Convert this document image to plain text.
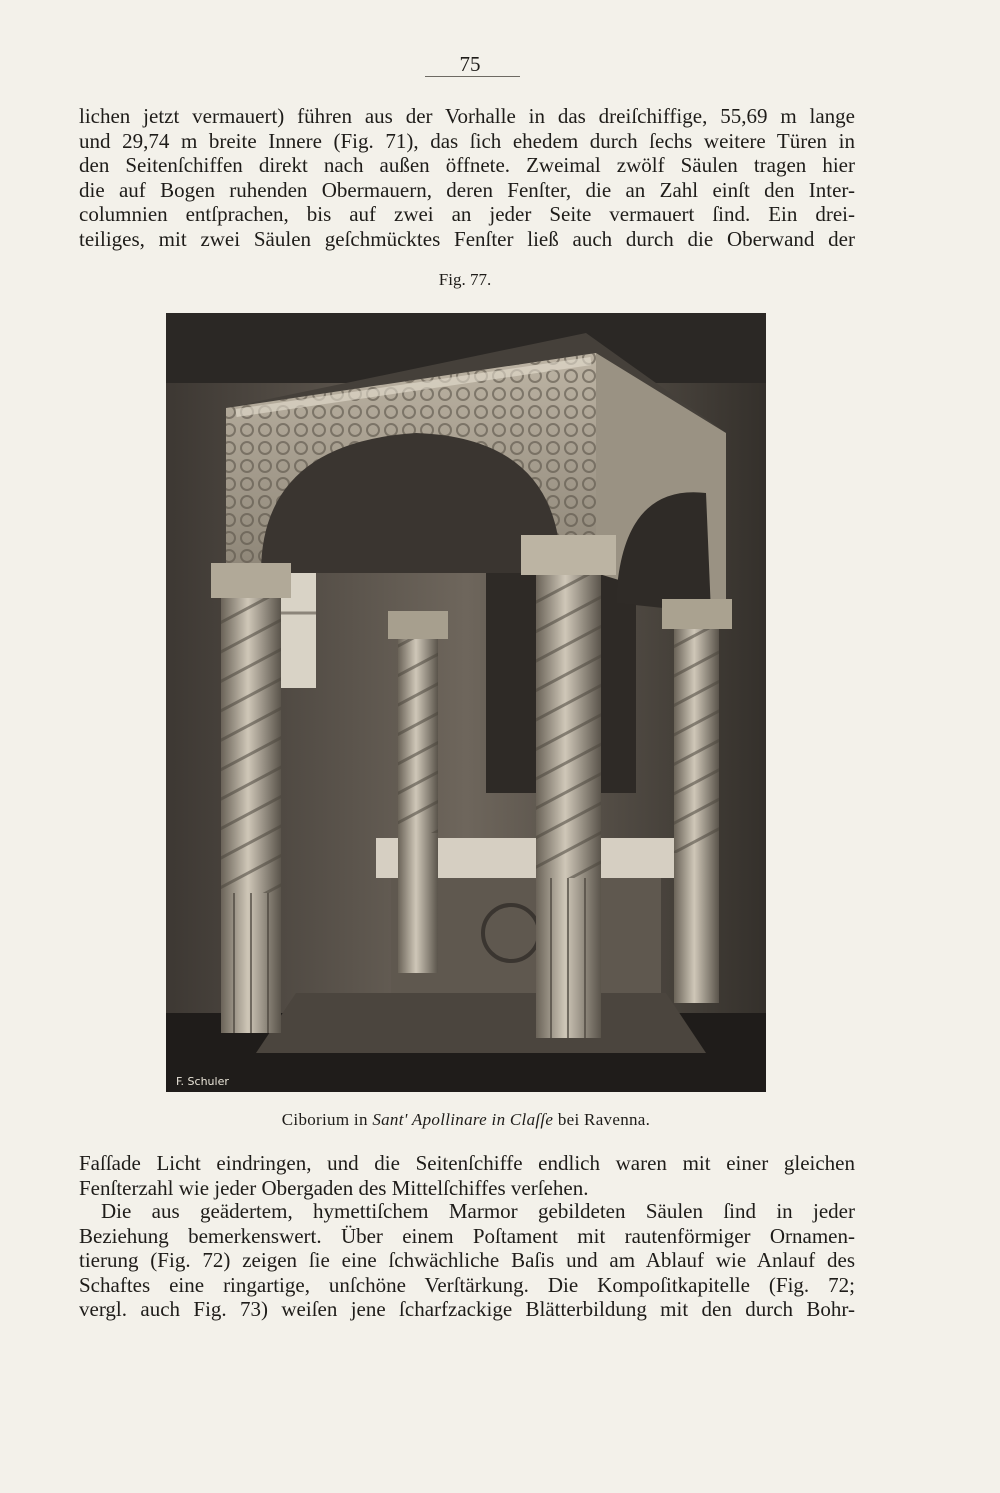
75
lichen jetzt vermauert) führen aus der Vorhalle in das dreiſchiffige, 55,69 m lange
und 29,74 m breite Innere (Fig. 71), das ſich ehedem durch ſechs weitere Türen in
den Seitenſchiffen direkt nach außen öffnete. Zweimal zwölf Säulen tragen hier
die auf Bogen ruhenden Obermauern, deren Fenſter, die an Zahl einſt den Inter-
columnien entſprachen, bis auf zwei an jeder Seite vermauert ſind. Ein drei-
teiliges, mit zwei Säulen geſchmücktes Fenſter ließ auch durch die Oberwand der
Fig. 77.
F. Schuler
Ciborium in Sant' Apollinare in Claſſe bei Ravenna.
Faſſade Licht eindringen, und die Seitenſchiffe endlich waren mit einer gleichen
Fenſterzahl wie jeder Obergaden des Mittelſchiffes verſehen.
Die aus geädertem, hymettiſchem Marmor gebildeten Säulen ſind in jeder
Beziehung bemerkenswert. Über einem Poſtament mit rautenförmiger Ornamen-
tierung (Fig. 72) zeigen ſie eine ſchwächliche Baſis und am Ablauf wie Anlauf des
Schaftes eine ringartige, unſchöne Verſtärkung. Die Kompoſitkapitelle (Fig. 72;
vergl. auch Fig. 73) weiſen jene ſcharfzackige Blätterbildung mit den durch Bohr-
